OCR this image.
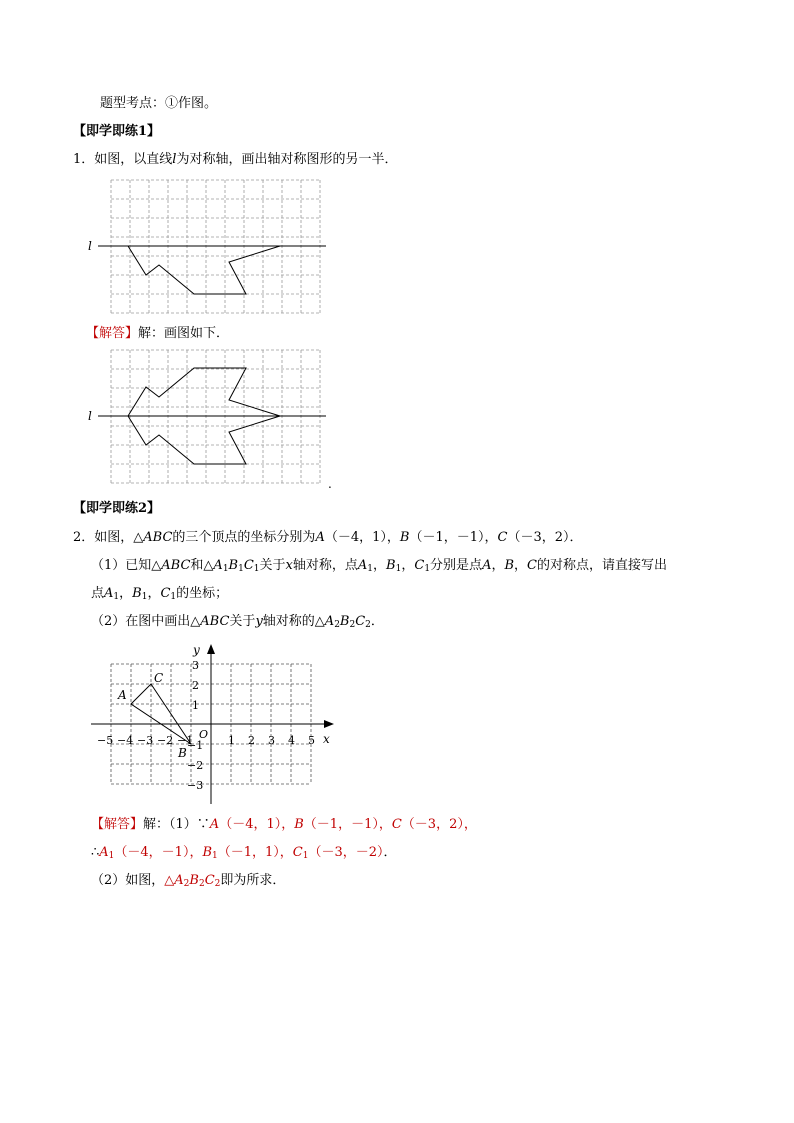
题型考点：①作图。
【即学即练1】
1．如图，以直线l为对称轴，画出轴对称图形的另一半．
l
【解答】解：画图如下．
l
.
【即学即练2】
2．如图，△ABC的三个顶点的坐标分别为A（－4，1），B（－1，－1），C（－3，2）．
（1）已知△ABC和$\triangle A_1B_1C_1$关于x轴对称，点$A_1$，$B_1$，$C_1$分别是点A，B，C的对称点，请直接写出
点$A_1$，$B_1$，$C_1$的坐标；
（2）在图中画出△ABC关于y轴对称的$\triangle A_2B_2C_2$．
x
y
O
−5 −4 −3 −2 −1	1 2 3 4 5
3
2
1
−1
−2
−3
A
C
B
【解答】解：（1）∵A（－4，1），B（－1，－1），C（－3，2），
$\therefore A_1(-4$，－1），$B_1(-1$，1），$C_1(-3$，－2）．
（2）如图，$\triangle A_2B_2C_2$即为所求．
